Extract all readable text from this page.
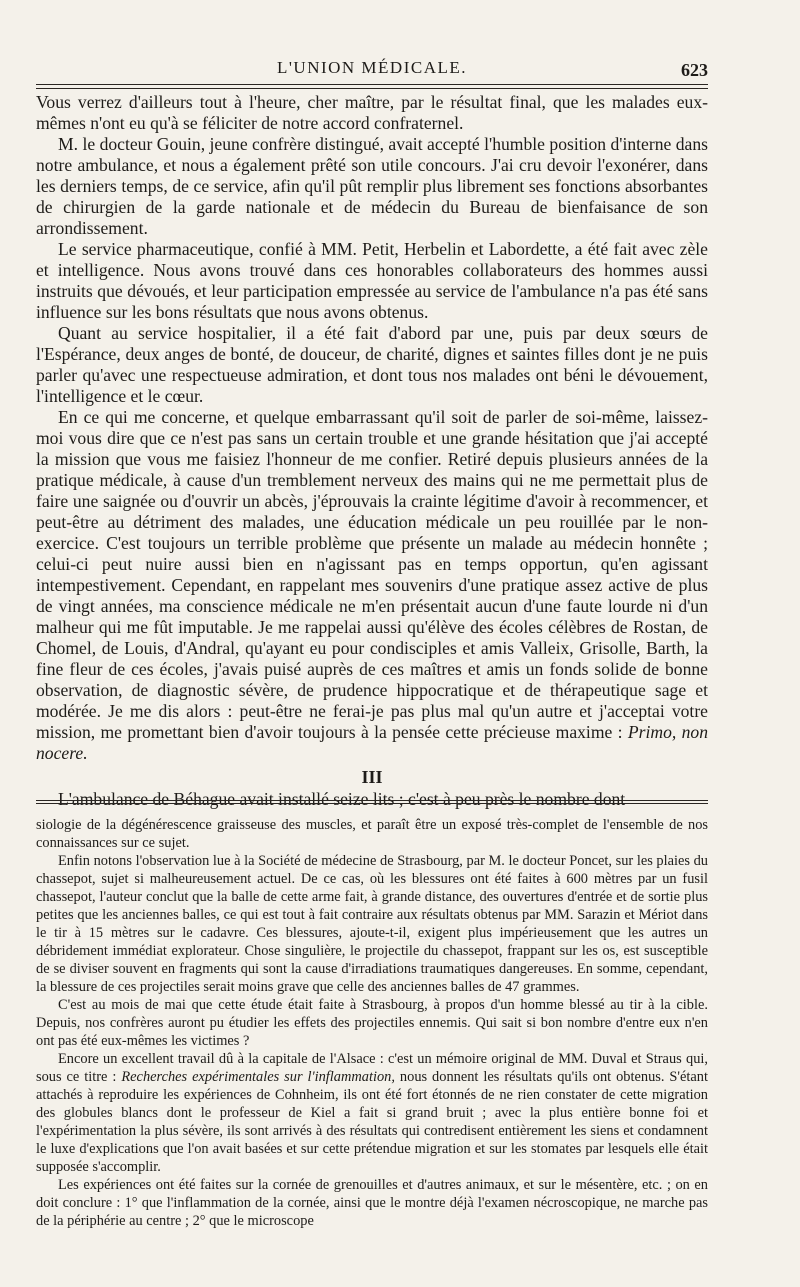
L'UNION MÉDICALE.	623

Vous verrez d'ailleurs tout à l'heure, cher maître, par le résultat final, que les malades eux-mêmes n'ont eu qu'à se féliciter de notre accord confraternel.

M. le docteur Gouin, jeune confrère distingué, avait accepté l'humble position d'interne dans notre ambulance, et nous a également prêté son utile concours. J'ai cru devoir l'exonérer, dans les derniers temps, de ce service, afin qu'il pût remplir plus librement ses fonctions absorbantes de chirurgien de la garde nationale et de médecin du Bureau de bienfaisance de son arrondissement.

Le service pharmaceutique, confié à MM. Petit, Herbelin et Labordette, a été fait avec zèle et intelligence. Nous avons trouvé dans ces honorables collaborateurs des hommes aussi instruits que dévoués, et leur participation empressée au service de l'ambulance n'a pas été sans influence sur les bons résultats que nous avons obtenus.

Quant au service hospitalier, il a été fait d'abord par une, puis par deux sœurs de l'Espérance, deux anges de bonté, de douceur, de charité, dignes et saintes filles dont je ne puis parler qu'avec une respectueuse admiration, et dont tous nos malades ont béni le dévouement, l'intelligence et le cœur.

En ce qui me concerne, et quelque embarrassant qu'il soit de parler de soi-même, laissez-moi vous dire que ce n'est pas sans un certain trouble et une grande hésitation que j'ai accepté la mission que vous me faisiez l'honneur de me confier. Retiré depuis plusieurs années de la pratique médicale, à cause d'un tremblement nerveux des mains qui ne me permettait plus de faire une saignée ou d'ouvrir un abcès, j'éprouvais la crainte légitime d'avoir à recommencer, et peut-être au détriment des malades, une éducation médicale un peu rouillée par le non-exercice. C'est toujours un terrible problème que présente un malade au médecin honnête ; celui-ci peut nuire aussi bien en n'agissant pas en temps opportun, qu'en agissant intempestivement. Cependant, en rappelant mes souvenirs d'une pratique assez active de plus de vingt années, ma conscience médicale ne m'en présentait aucun d'une faute lourde ni d'un malheur qui me fût imputable. Je me rappelai aussi qu'élève des écoles célèbres de Rostan, de Chomel, de Louis, d'Andral, qu'ayant eu pour condisciples et amis Valleix, Grisolle, Barth, la fine fleur de ces écoles, j'avais puisé auprès de ces maîtres et amis un fonds solide de bonne observation, de diagnostic sévère, de prudence hippocratique et de thérapeutique sage et modérée. Je me dis alors : peut-être ne ferai-je pas plus mal qu'un autre et j'acceptai votre mission, me promettant bien d'avoir toujours à la pensée cette précieuse maxime : Primo, non nocere.

III

L'ambulance de Béhague avait installé seize lits ; c'est à peu près le nombre dont

siologie de la dégénérescence graisseuse des muscles, et paraît être un exposé très-complet de l'ensemble de nos connaissances sur ce sujet.

Enfin notons l'observation lue à la Société de médecine de Strasbourg, par M. le docteur Poncet, sur les plaies du chassepot, sujet si malheureusement actuel. De ce cas, où les blessures ont été faites à 600 mètres par un fusil chassepot, l'auteur conclut que la balle de cette arme fait, à grande distance, des ouvertures d'entrée et de sortie plus petites que les anciennes balles, ce qui est tout à fait contraire aux résultats obtenus par MM. Sarazin et Mériot dans le tir à 15 mètres sur le cadavre. Ces blessures, ajoute-t-il, exigent plus impérieusement que les autres un débridement immédiat explorateur. Chose singulière, le projectile du chassepot, frappant sur les os, est susceptible de se diviser souvent en fragments qui sont la cause d'irradiations traumatiques dangereuses. En somme, cependant, la blessure de ces projectiles serait moins grave que celle des anciennes balles de 47 grammes.

C'est au mois de mai que cette étude était faite à Strasbourg, à propos d'un homme blessé au tir à la cible. Depuis, nos confrères auront pu étudier les effets des projectiles ennemis. Qui sait si bon nombre d'entre eux n'en ont pas été eux-mêmes les victimes ?

Encore un excellent travail dû à la capitale de l'Alsace : c'est un mémoire original de MM. Duval et Straus qui, sous ce titre : Recherches expérimentales sur l'inflammation, nous donnent les résultats qu'ils ont obtenus. S'étant attachés à reproduire les expériences de Cohnheim, ils ont été fort étonnés de ne rien constater de cette migration des globules blancs dont le professeur de Kiel a fait si grand bruit ; avec la plus entière bonne foi et l'expérimentation la plus sévère, ils sont arrivés à des résultats qui contredisent entièrement les siens et condamnent le luxe d'explications que l'on avait basées et sur cette prétendue migration et sur les stomates par lesquels elle était supposée s'accomplir.

Les expériences ont été faites sur la cornée de grenouilles et d'autres animaux, et sur le mésentère, etc. ; on en doit conclure : 1° que l'inflammation de la cornée, ainsi que le montre déjà l'examen nécroscopique, ne marche pas de la périphérie au centre ; 2° que le microscope
